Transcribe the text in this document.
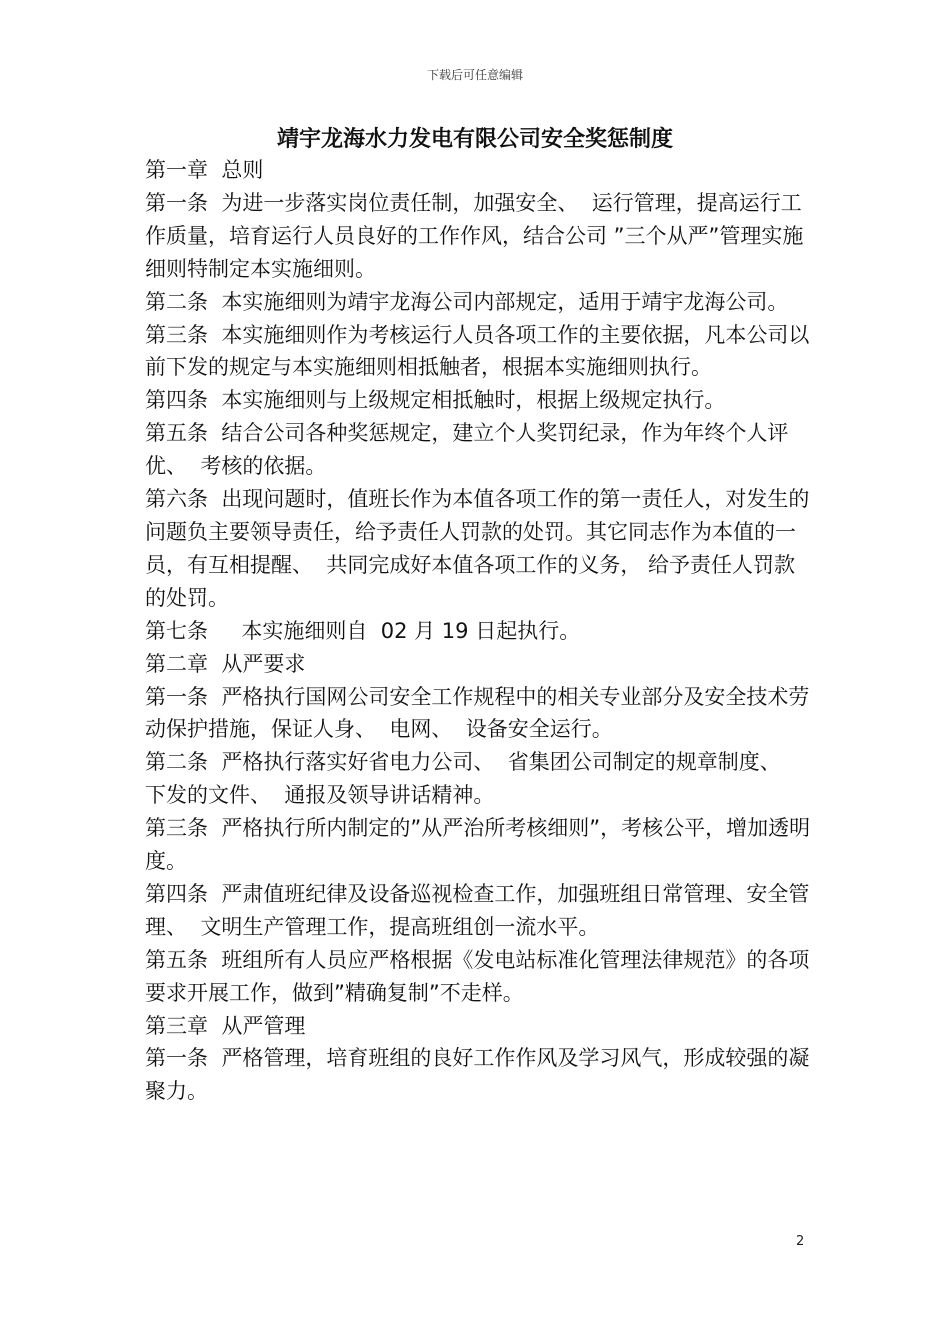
下载后可任意编辑
靖宇龙海水力发电有限公司安全奖惩制度

第一章  总则

第一条  为进一步落实岗位责任制，加强安全、  运行管理，提高运行工作质量，培育运行人员良好的工作作风，结合公司 ”三个从严”管理实施细则特制定本实施细则。

第二条  本实施细则为靖宇龙海公司内部规定，适用于靖宇龙海公司。

第三条  本实施细则作为考核运行人员各项工作的主要依据，凡本公司以前下发的规定与本实施细则相抵触者，根据本实施细则执行。

第四条  本实施细则与上级规定相抵触时，根据上级规定执行。

第五条  结合公司各种奖惩规定，建立个人奖罚纪录，作为年终个人评优、  考核的依据。

第六条  出现问题时，值班长作为本值各项工作的第一责任人，对发生的问题负主要领导责任，给予责任人罚款的处罚。其它同志作为本值的一员，有互相提醒、  共同完成好本值各项工作的义务， 给予责任人罚款的处罚。

第七条     本实施细则自  02 月 19 日起执行。

第二章  从严要求

第一条  严格执行国网公司安全工作规程中的相关专业部分及安全技术劳动保护措施，保证人身、  电网、  设备安全运行。

第二条  严格执行落实好省电力公司、  省集团公司制定的规章制度、  下发的文件、  通报及领导讲话精神。

第三条  严格执行所内制定的”从严治所考核细则”，考核公平，增加透明度。

第四条  严肃值班纪律及设备巡视检查工作，加强班组日常管理、安全管理、  文明生产管理工作，提高班组创一流水平。

第五条  班组所有人员应严格根据《发电站标准化管理法律规范》的各项要求开展工作，做到”精确复制”不走样。

第三章  从严管理

第一条  严格管理，培育班组的良好工作作风及学习风气，形成较强的凝聚力。

2
